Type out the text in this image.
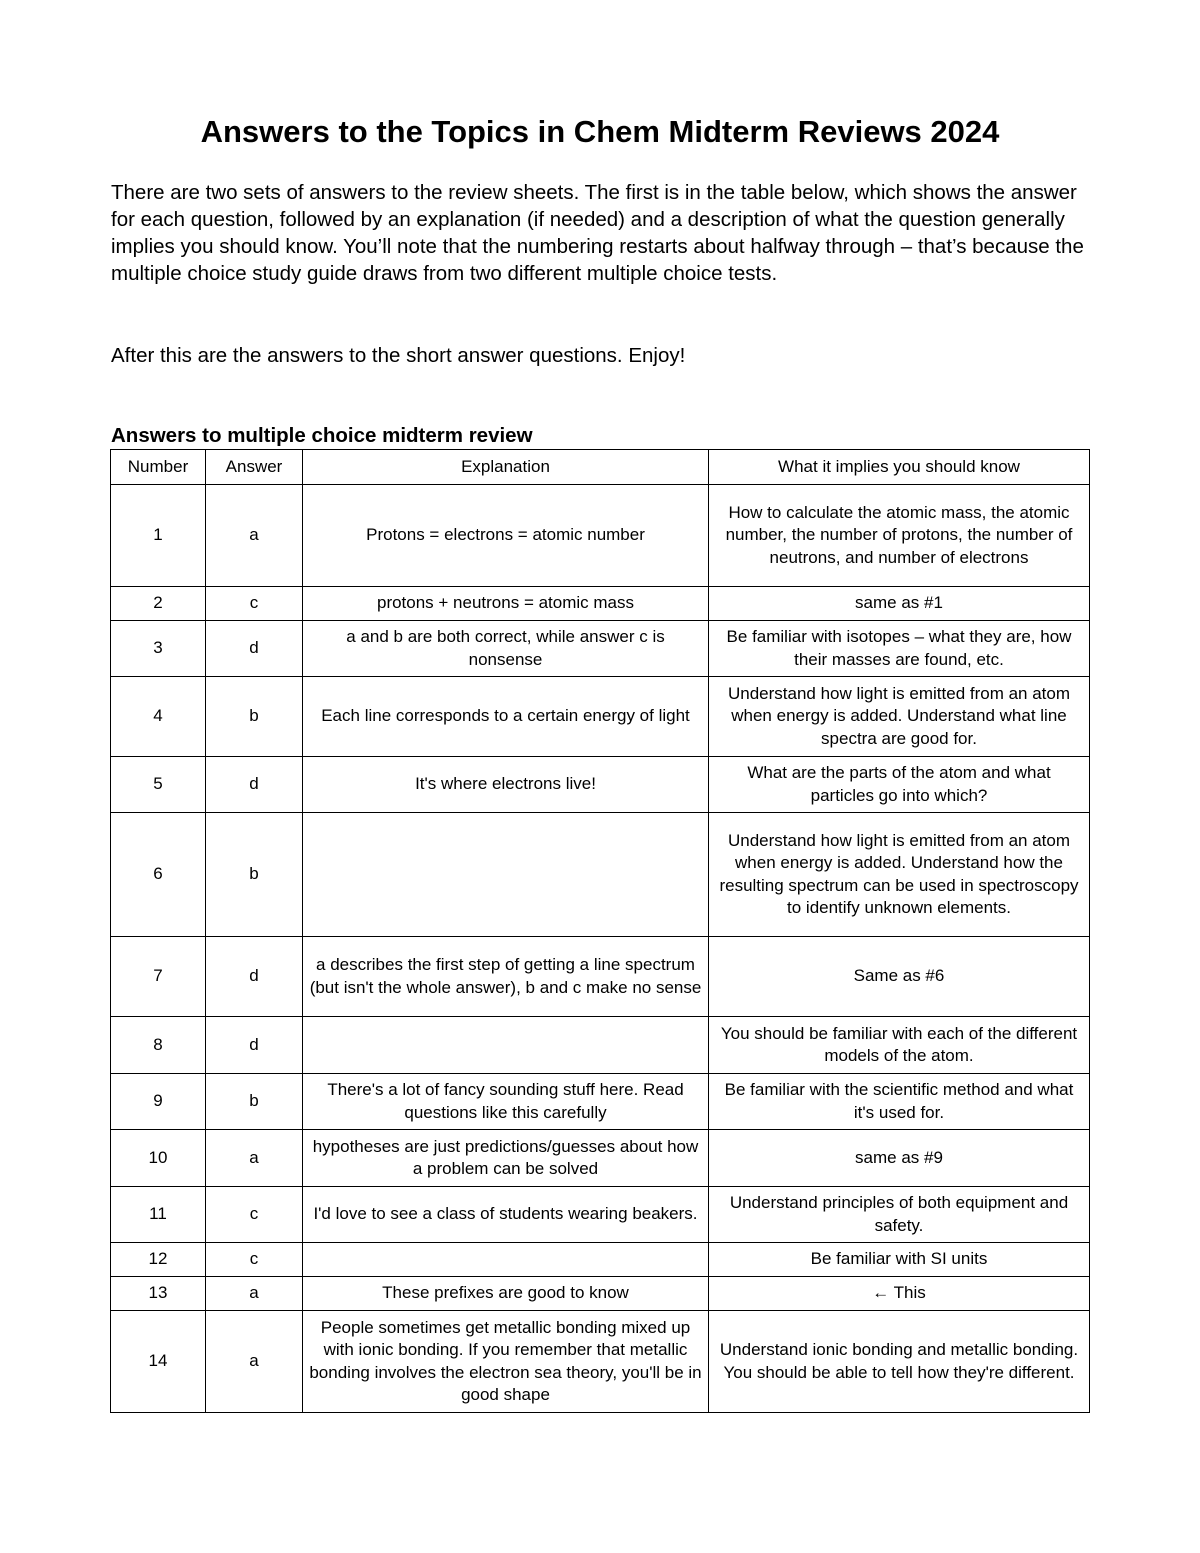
Answers to the Topics in Chem Midterm Reviews 2024

There are two sets of answers to the review sheets. The first is in the table below, which shows the answer for each question, followed by an explanation (if needed) and a description of what the question generally implies you should know. You’ll note that the numbering restarts about halfway through – that’s because the multiple choice study guide draws from two different multiple choice tests.

After this are the answers to the short answer questions. Enjoy!

Answers to multiple choice midterm review
Number	Answer	Explanation	What it implies you should know
1	a	Protons = electrons = atomic number	How to calculate the atomic mass, the atomic number, the number of protons, the number of neutrons, and number of electrons
2	c	protons + neutrons = atomic mass	same as #1
3	d	a and b are both correct, while answer c is nonsense	Be familiar with isotopes – what they are, how their masses are found, etc.
4	b	Each line corresponds to a certain energy of light	Understand how light is emitted from an atom when energy is added. Understand what line spectra are good for.
5	d	It's where electrons live!	What are the parts of the atom and what particles go into which?
6	b		Understand how light is emitted from an atom when energy is added. Understand how the resulting spectrum can be used in spectroscopy to identify unknown elements.
7	d	a describes the first step of getting a line spectrum (but isn't the whole answer), b and c make no sense	Same as #6
8	d		You should be familiar with each of the different models of the atom.
9	b	There's a lot of fancy sounding stuff here. Read questions like this carefully	Be familiar with the scientific method and what it's used for.
10	a	hypotheses are just predictions/guesses about how a problem can be solved	same as #9
11	c	I'd love to see a class of students wearing beakers.	Understand principles of both equipment and safety.
12	c		Be familiar with SI units
13	a	These prefixes are good to know	← This
14	a	People sometimes get metallic bonding mixed up with ionic bonding. If you remember that metallic bonding involves the electron sea theory, you'll be in good shape	Understand ionic bonding and metallic bonding. You should be able to tell how they're different.
